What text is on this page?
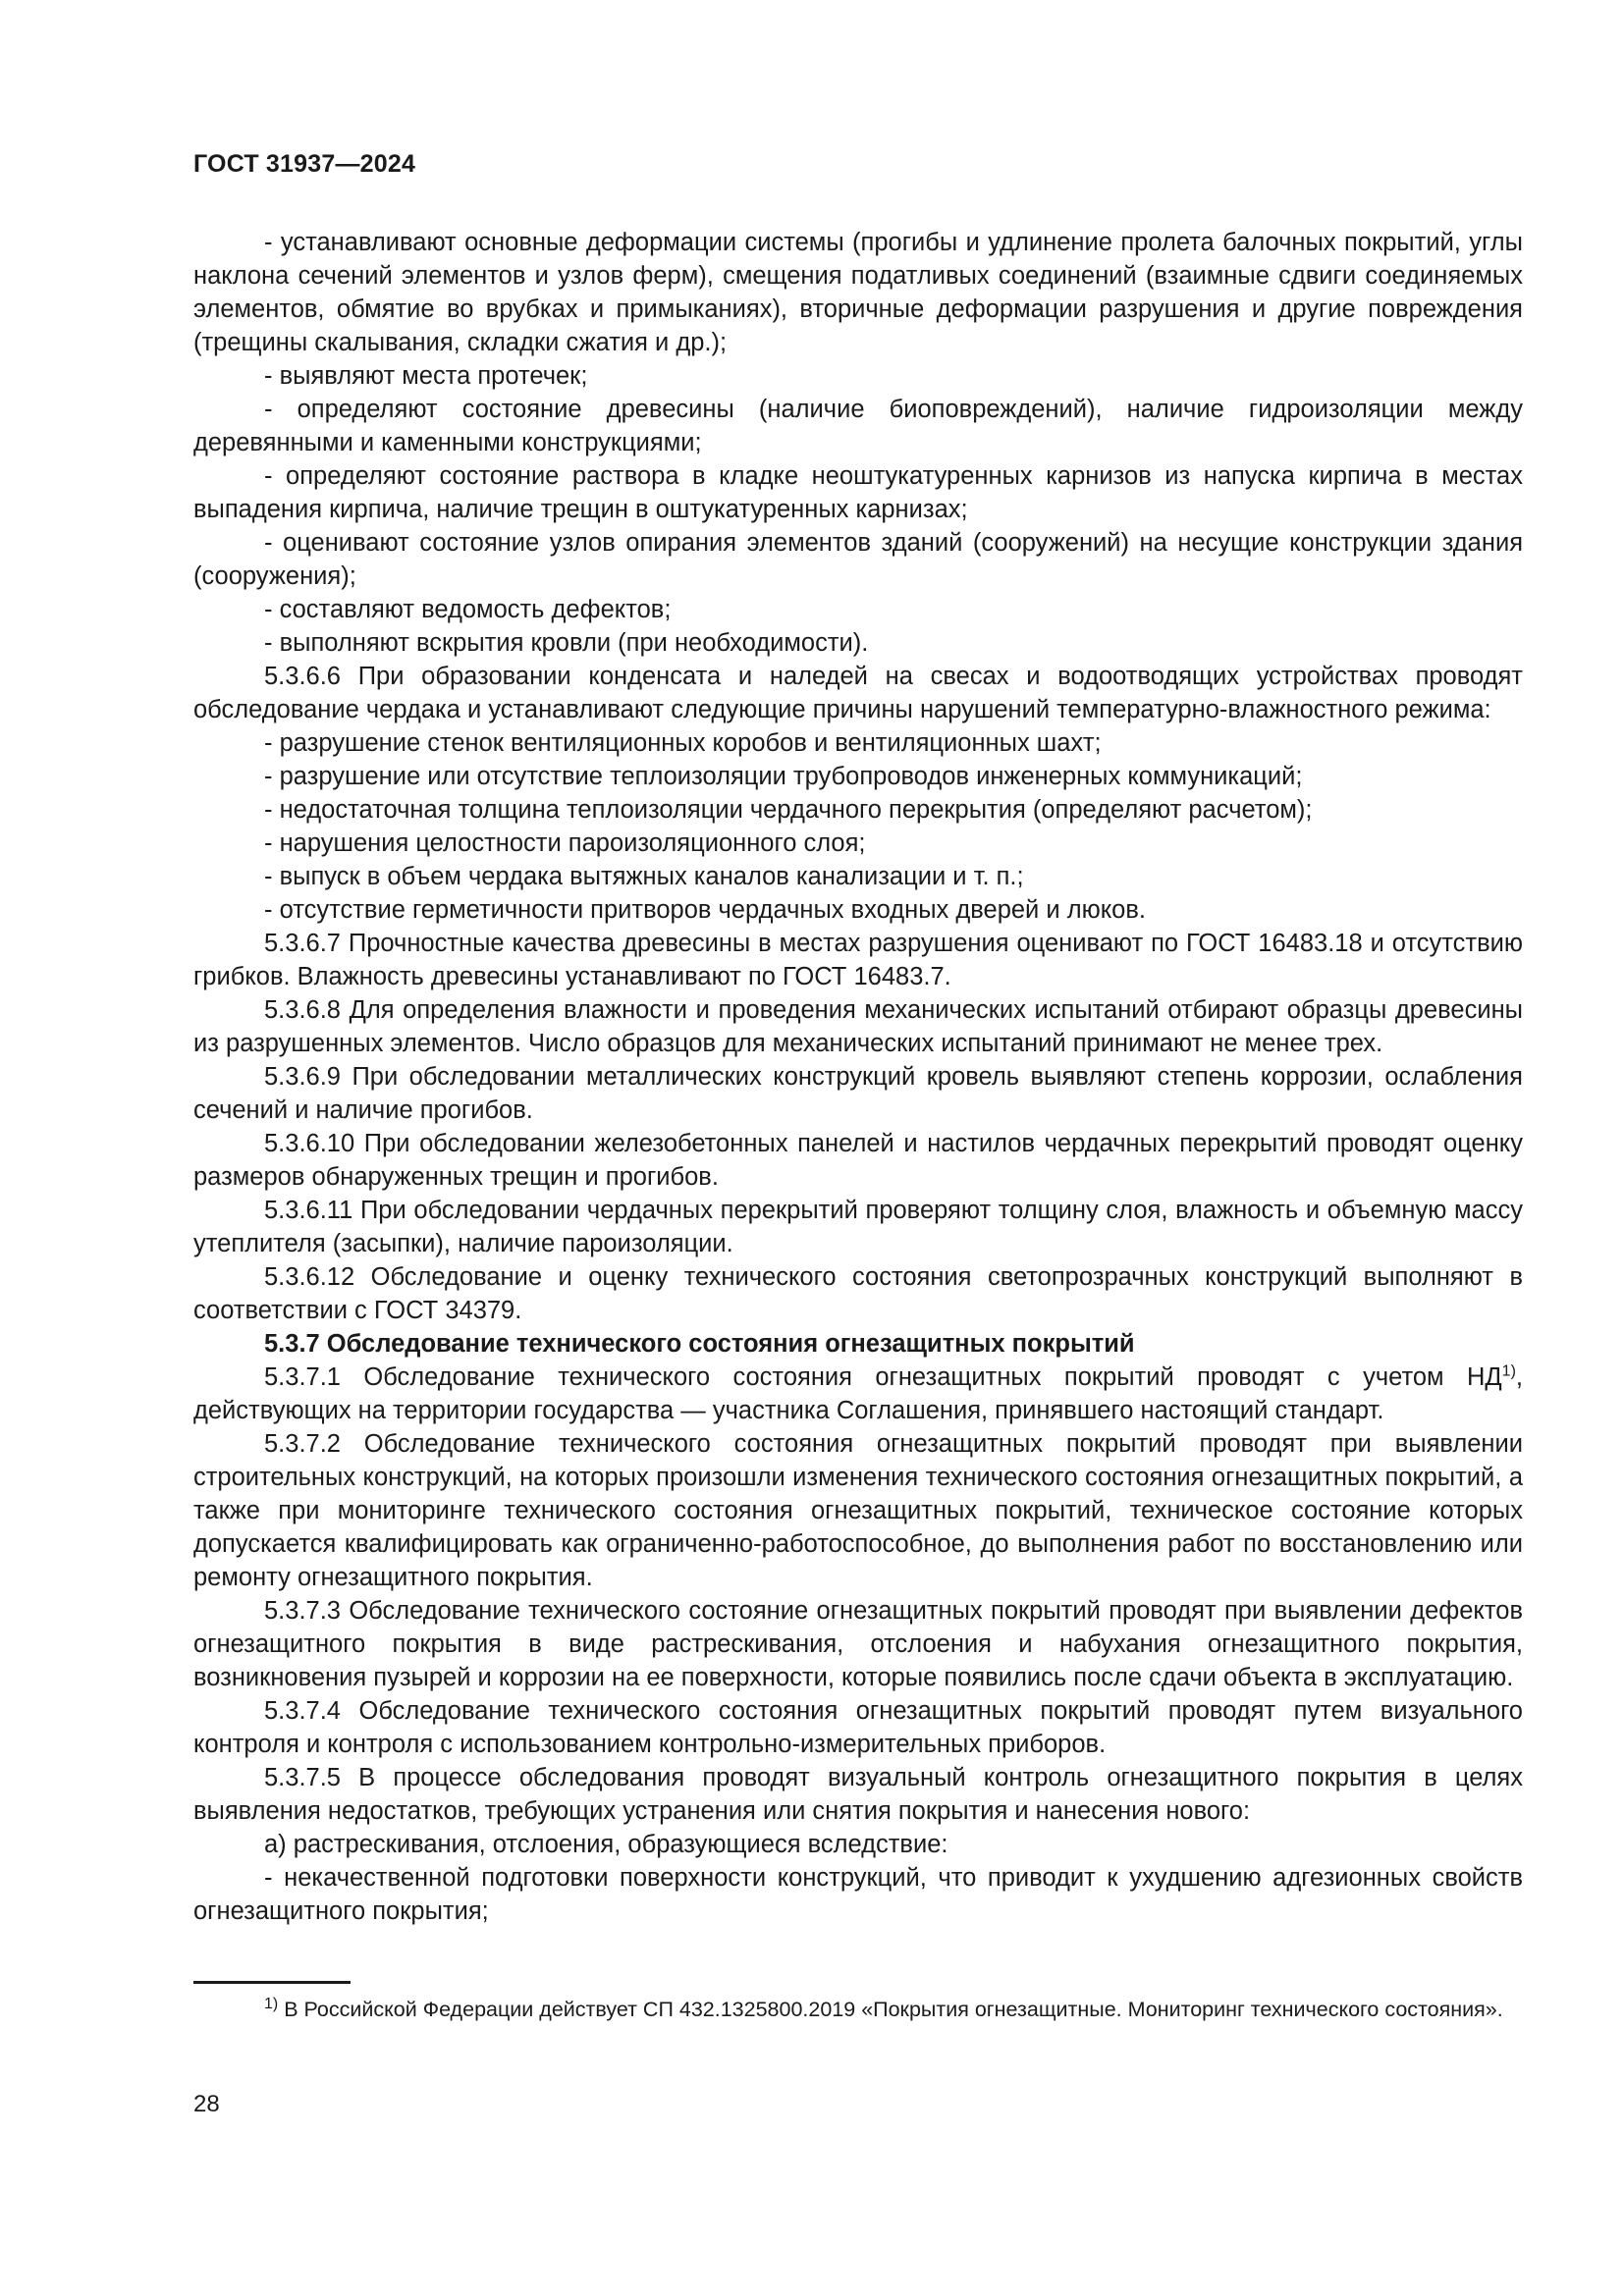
ГОСТ 31937—2024

- устанавливают основные деформации системы (прогибы и удлинение пролета балочных покрытий, углы наклона сечений элементов и узлов ферм), смещения податливых соединений (взаимные сдвиги соединяемых элементов, обмятие во врубках и примыканиях), вторичные деформации разрушения и другие повреждения (трещины скалывания, складки сжатия и др.);

- выявляют места протечек;

- определяют состояние древесины (наличие биоповреждений), наличие гидроизоляции между деревянными и каменными конструкциями;

- определяют состояние раствора в кладке неоштукатуренных карнизов из напуска кирпича в местах выпадения кирпича, наличие трещин в оштукатуренных карнизах;

- оценивают состояние узлов опирания элементов зданий (сооружений) на несущие конструкции здания (сооружения);

- составляют ведомость дефектов;

- выполняют вскрытия кровли (при необходимости).

5.3.6.6 При образовании конденсата и наледей на свесах и водоотводящих устройствах проводят обследование чердака и устанавливают следующие причины нарушений температурно-влажностного режима:

- разрушение стенок вентиляционных коробов и вентиляционных шахт;

- разрушение или отсутствие теплоизоляции трубопроводов инженерных коммуникаций;

- недостаточная толщина теплоизоляции чердачного перекрытия (определяют расчетом);

- нарушения целостности пароизоляционного слоя;

- выпуск в объем чердака вытяжных каналов канализации и т. п.;

- отсутствие герметичности притворов чердачных входных дверей и люков.

5.3.6.7 Прочностные качества древесины в местах разрушения оценивают по ГОСТ 16483.18 и отсутствию грибков. Влажность древесины устанавливают по ГОСТ 16483.7.

5.3.6.8 Для определения влажности и проведения механических испытаний отбирают образцы древесины из разрушенных элементов. Число образцов для механических испытаний принимают не менее трех.

5.3.6.9 При обследовании металлических конструкций кровель выявляют степень коррозии, ослабления сечений и наличие прогибов.

5.3.6.10 При обследовании железобетонных панелей и настилов чердачных перекрытий проводят оценку размеров обнаруженных трещин и прогибов.

5.3.6.11 При обследовании чердачных перекрытий проверяют толщину слоя, влажность и объемную массу утеплителя (засыпки), наличие пароизоляции.

5.3.6.12 Обследование и оценку технического состояния светопрозрачных конструкций выполняют в соответствии с ГОСТ 34379.

5.3.7 Обследование технического состояния огнезащитных покрытий

5.3.7.1 Обследование технического состояния огнезащитных покрытий проводят с учетом НД$^{1)}$, действующих на территории государства — участника Соглашения, принявшего настоящий стандарт.

5.3.7.2 Обследование технического состояния огнезащитных покрытий проводят при выявлении строительных конструкций, на которых произошли изменения технического состояния огнезащитных покрытий, а также при мониторинге технического состояния огнезащитных покрытий, техническое состояние которых допускается квалифицировать как ограниченно-работоспособное, до выполнения работ по восстановлению или ремонту огнезащитного покрытия.

5.3.7.3 Обследование технического состояние огнезащитных покрытий проводят при выявлении дефектов огнезащитного покрытия в виде растрескивания, отслоения и набухания огнезащитного покрытия, возникновения пузырей и коррозии на ее поверхности, которые появились после сдачи объекта в эксплуатацию.

5.3.7.4 Обследование технического состояния огнезащитных покрытий проводят путем визуального контроля и контроля с использованием контрольно-измерительных приборов.

5.3.7.5 В процессе обследования проводят визуальный контроль огнезащитного покрытия в целях выявления недостатков, требующих устранения или снятия покрытия и нанесения нового:

а) растрескивания, отслоения, образующиеся вследствие:

- некачественной подготовки поверхности конструкций, что приводит к ухудшению адгезионных свойств огнезащитного покрытия;

$^{1)}$ В Российской Федерации действует СП 432.1325800.2019 «Покрытия огнезащитные. Мониторинг технического состояния».

28
